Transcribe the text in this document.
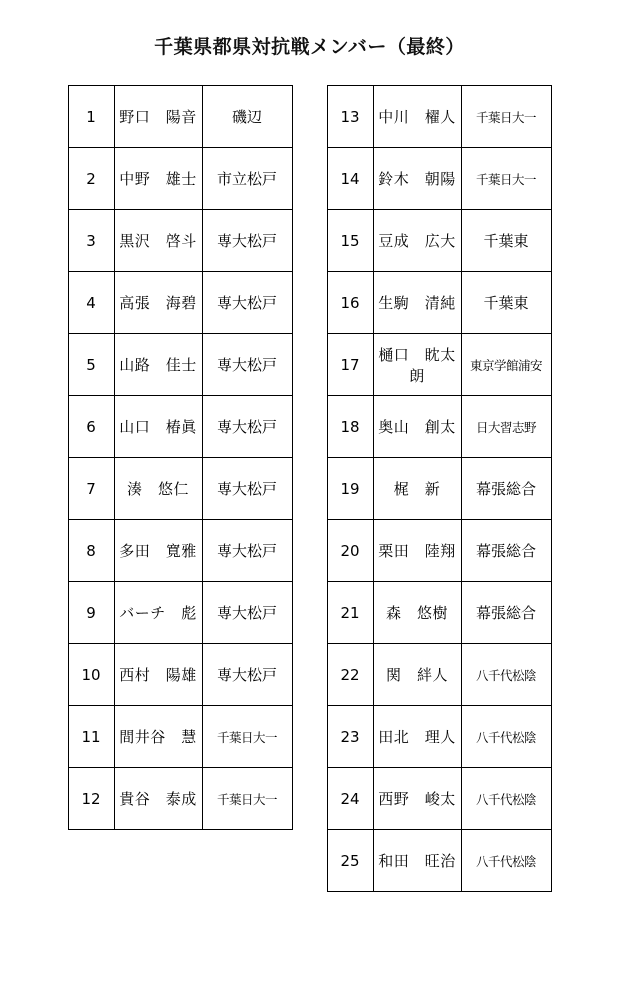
千葉県都県対抗戦メンバー（最終）
1	野口　陽音	磯辺
2	中野　雄士	市立松戸
3	黒沢　啓斗	専大松戸
4	高張　海碧	専大松戸
5	山路　佳士	専大松戸
6	山口　椿眞	専大松戸
7	湊　悠仁	専大松戸
8	多田　寬雅	専大松戸
9	バーチ　彪	専大松戸
10	西村　陽雄	専大松戸
11	間井谷　慧	千葉日大一
12	貴谷　泰成	千葉日大一
13	中川　櫂人	千葉日大一
14	鈴木　朝陽	千葉日大一
15	豆成　広大	千葉東
16	生駒　清純	千葉東
17	樋口　眈太朗	東京学館浦安
18	奥山　創太	日大習志野
19	梶　新	幕張総合
20	栗田　陸翔	幕張総合
21	森　悠樹	幕張総合
22	関　絆人	八千代松陰
23	田北　理人	八千代松陰
24	西野　峻太	八千代松陰
25	和田　旺治	八千代松陰
